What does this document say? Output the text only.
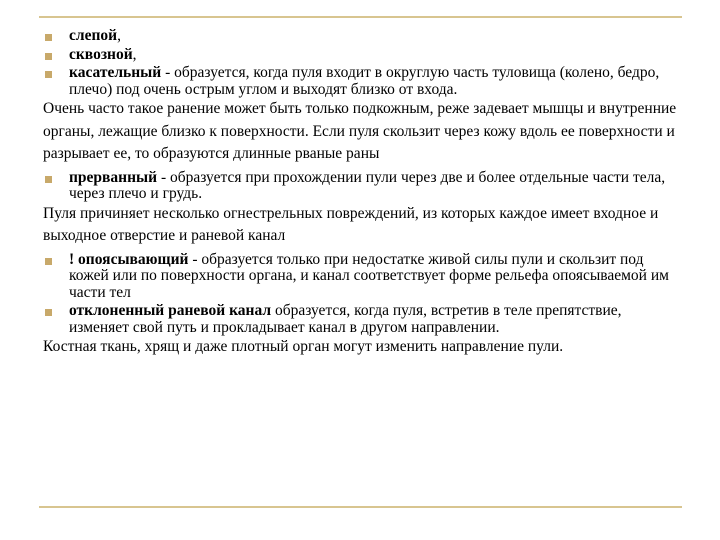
слепой,
сквозной,
касательный - образуется, когда пуля входит в округлую часть туловища (колено, бедро, плечо) под очень острым углом и выходят близко от входа.
Очень часто такое ранение может быть только подкожным, реже задевает мышцы и внутренние органы, лежащие близко к поверхности. Если пуля скользит через кожу вдоль ее поверхности и разрывает ее, то образуются длинные рваные раны
прерванный - образуется при прохождении пули через две и более отдельные части тела, через плечо и грудь.
Пуля причиняет несколько огнестрельных повреждений, из которых каждое имеет входное и выходное отверстие и раневой канал
! опоясывающий - образуется только при недостатке живой силы пули и скользит под кожей или по поверхности органа, и канал соответствует форме рельефа опоясываемой им части тел
отклоненный раневой канал образуется, когда пуля, встретив в теле препятствие, изменяет свой путь и прокладывает канал в другом направлении.
Костная ткань, хрящ и даже плотный орган могут изменить направление пули.
